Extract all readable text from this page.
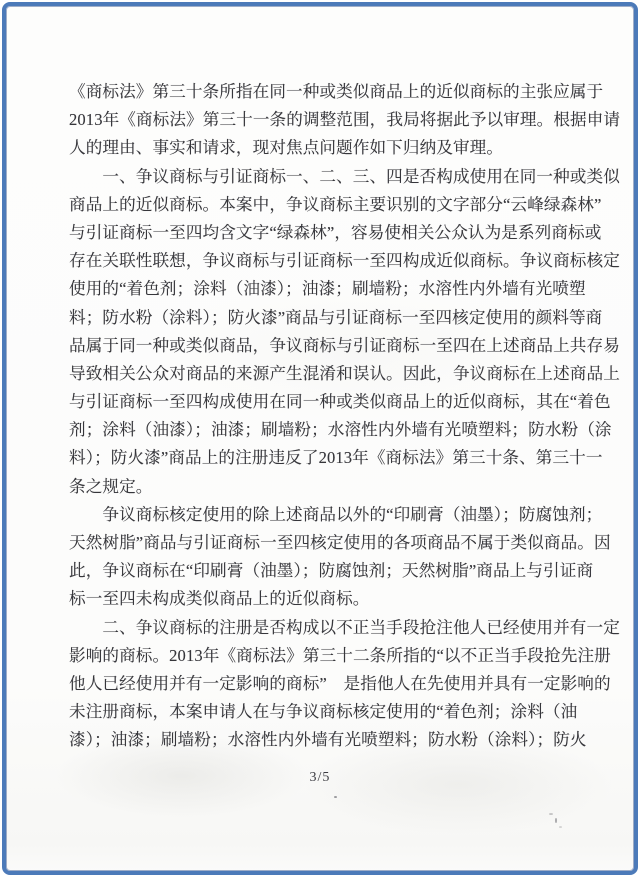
《商标法》第三十条所指在同一种或类似商品上的近似商标的主张应属于
2013年《商标法》第三十一条的调整范围，我局将据此予以审理。根据申请
人的理由、事实和请求，现对焦点问题作如下归纳及审理。
　　一、争议商标与引证商标一、二、三、四是否构成使用在同一种或类似
商品上的近似商标。本案中，争议商标主要识别的文字部分“云峰绿森林”
与引证商标一至四均含文字“绿森林”，容易使相关公众认为是系列商标或
存在关联性联想，争议商标与引证商标一至四构成近似商标。争议商标核定
使用的“着色剂；涂料（油漆）；油漆；刷墙粉；水溶性内外墙有光喷塑
料；防水粉（涂料）；防火漆”商品与引证商标一至四核定使用的颜料等商
品属于同一种或类似商品，争议商标与引证商标一至四在上述商品上共存易
导致相关公众对商品的来源产生混淆和误认。因此，争议商标在上述商品上
与引证商标一至四构成使用在同一种或类似商品上的近似商标，其在“着色
剂；涂料（油漆）；油漆；刷墙粉；水溶性内外墙有光喷塑料；防水粉（涂
料）；防火漆”商品上的注册违反了2013年《商标法》第三十条、第三十一
条之规定。
　　争议商标核定使用的除上述商品以外的“印刷膏（油墨）；防腐蚀剂；
天然树脂”商品与引证商标一至四核定使用的各项商品不属于类似商品。因
此，争议商标在“印刷膏（油墨）；防腐蚀剂；天然树脂”商品上与引证商
标一至四未构成类似商品上的近似商标。
　　二、争议商标的注册是否构成以不正当手段抢注他人已经使用并有一定
影响的商标。2013年《商标法》第三十二条所指的“以不正当手段抢先注册
他人已经使用并有一定影响的商标”　是指他人在先使用并具有一定影响的
未注册商标，本案申请人在与争议商标核定使用的“着色剂；涂料（油
漆）；油漆；刷墙粉；水溶性内外墙有光喷塑料；防水粉（涂料）；防火
3/5
